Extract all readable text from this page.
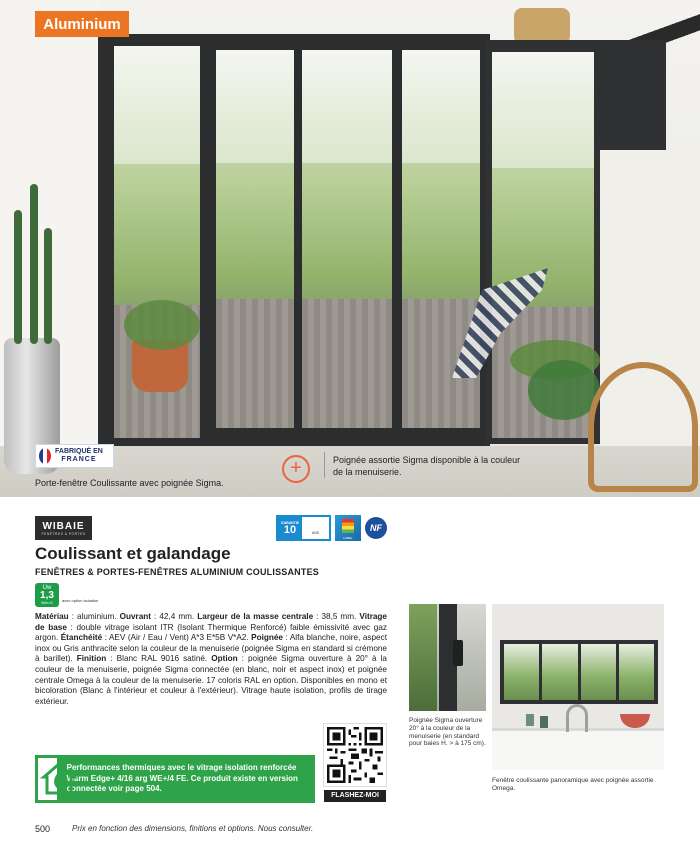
Aluminium
FABRIQUÉ EN
FRANCE
Porte-fenêtre Coulissante avec poignée Sigma.
+	Poignée assortie Sigma disponible à la couleur de la menuiserie.
WIBAIE
FENÊTRES & PORTES
GARANTIE
10	ANS
LABEL
NF
Coulissant et galandage
FENÊTRES & PORTES-FENÊTRES ALUMINIUM COULISSANTES
Uw
1,3
W/m².K avec option isolation
Matériau : aluminium. Ouvrant : 42,4 mm. Largeur de la masse centrale : 38,5 mm. Vitrage de base : double vitrage isolant ITR (Isolant Thermique Renforcé) faible émissivité avec gaz argon. Étanchéité : AEV (Air / Eau / Vent) A*3 E*5B V*A2. Poignée : Alfa blanche, noire, aspect inox ou Gris anthracite selon la couleur de la menuiserie (poignée Sigma en standard si crémone à barillet). Finition : Blanc RAL 9016 satiné. Option : poignée Sigma ouverture à 20° à la couleur de la menuiserie, poignée Sigma connectée (en blanc, noir et aspect inox) et poignée centrale Omega à la couleur de la menuiserie. 17 coloris RAL en option. Disponibles en mono et bicoloration (Blanc à l'intérieur et couleur à l'extérieur). Vitrage haute isolation, profils de tirage extérieur.
Performances thermiques avec le vitrage isolation renforcée Warm Edge+ 4/16 arg WE+/4 FE. Ce produit existe en version connectée voir page 504.
FLASHEZ-MOI
Poignée Sigma ouverture 20° à la couleur de la menuiserie (en standard pour baies H. > à 175 cm).
Fenêtre coulissante panoramique avec poignée assortie Omega.
500	Prix en fonction des dimensions, finitions et options. Nous consulter.
